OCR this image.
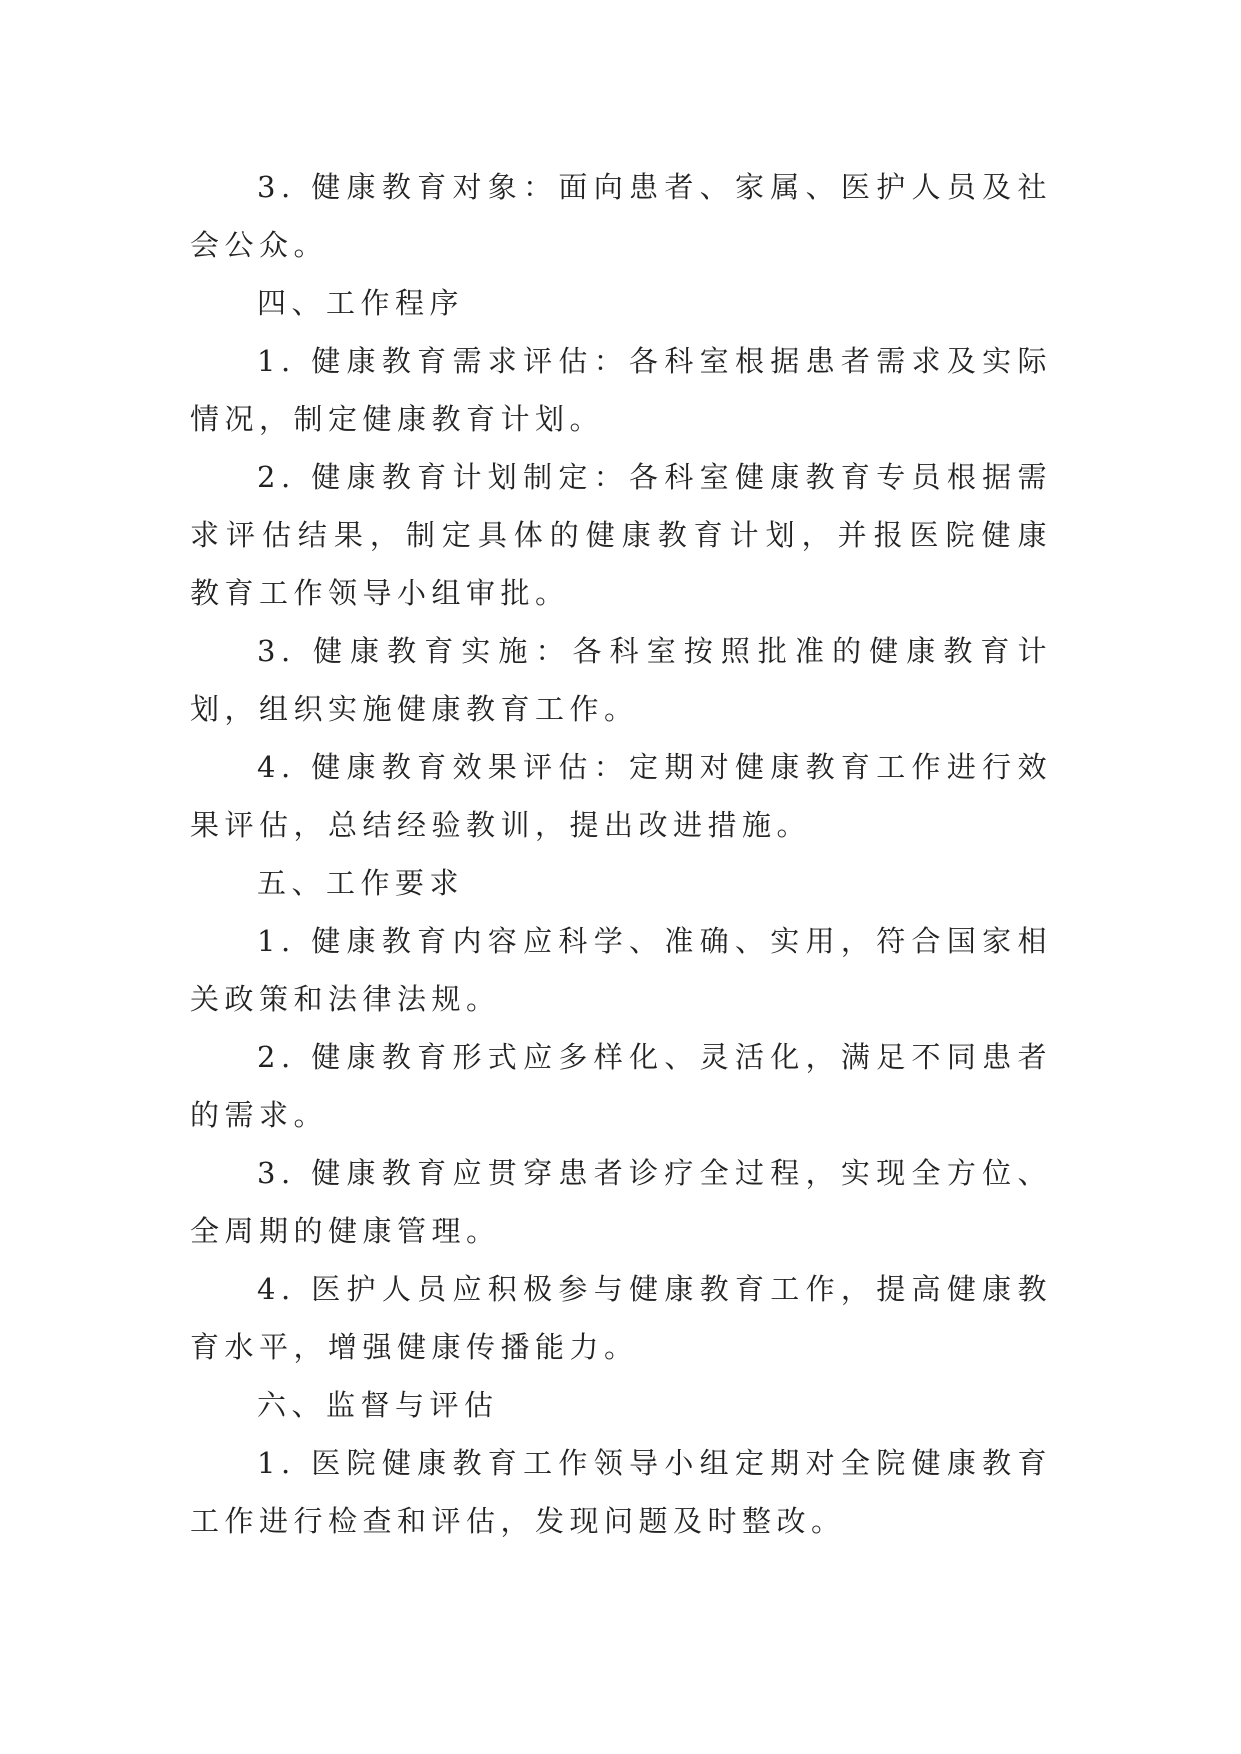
3. 健康教育对象：面向患者、家属、医护人员及社会公众。

四、工作程序

1. 健康教育需求评估：各科室根据患者需求及实际情况，制定健康教育计划。

2. 健康教育计划制定：各科室健康教育专员根据需求评估结果，制定具体的健康教育计划，并报医院健康教育工作领导小组审批。

3. 健康教育实施：各科室按照批准的健康教育计划，组织实施健康教育工作。

4. 健康教育效果评估：定期对健康教育工作进行效果评估，总结经验教训，提出改进措施。

五、工作要求

1. 健康教育内容应科学、准确、实用，符合国家相关政策和法律法规。

2. 健康教育形式应多样化、灵活化，满足不同患者的需求。

3. 健康教育应贯穿患者诊疗全过程，实现全方位、全周期的健康管理。

4. 医护人员应积极参与健康教育工作，提高健康教育水平，增强健康传播能力。

六、监督与评估

1. 医院健康教育工作领导小组定期对全院健康教育工作进行检查和评估，发现问题及时整改。
